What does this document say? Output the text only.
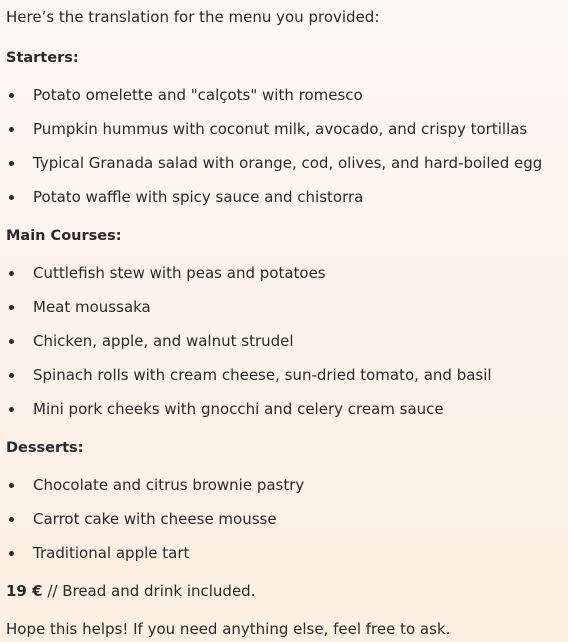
Here’s the translation for the menu you provided:
Starters:
Potato omelette and "calçots" with romesco
Pumpkin hummus with coconut milk, avocado, and crispy tortillas
Typical Granada salad with orange, cod, olives, and hard-boiled egg
Potato waffle with spicy sauce and chistorra
Main Courses:
Cuttlefish stew with peas and potatoes
Meat moussaka
Chicken, apple, and walnut strudel
Spinach rolls with cream cheese, sun-dried tomato, and basil
Mini pork cheeks with gnocchi and celery cream sauce
Desserts:
Chocolate and citrus brownie pastry
Carrot cake with cheese mousse
Traditional apple tart
19 € // Bread and drink included.
Hope this helps! If you need anything else, feel free to ask.
